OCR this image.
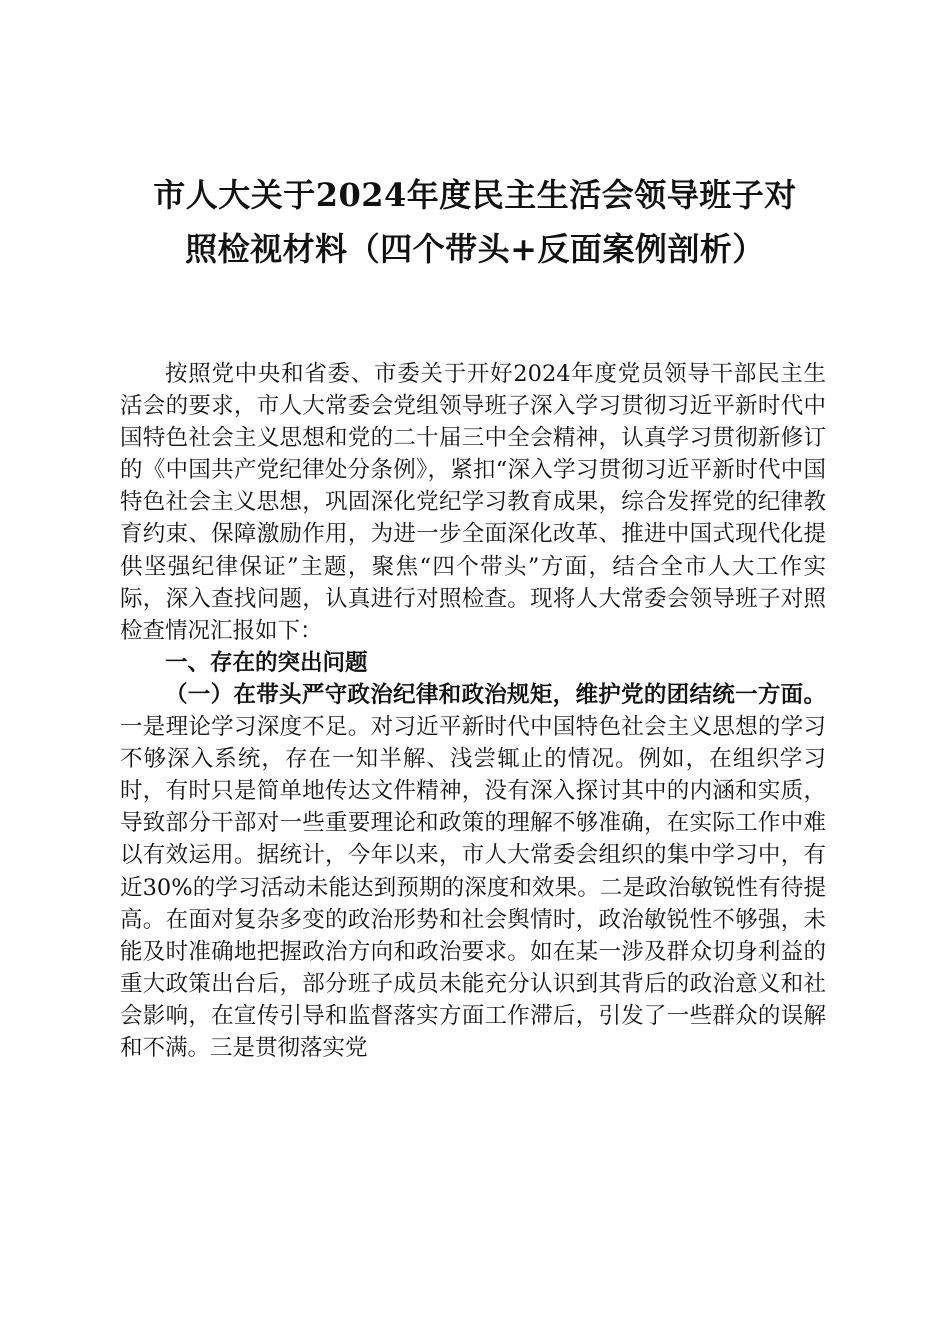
市人大关于2024年度民主生活会领导班子对
照检视材料（四个带头+反面案例剖析）

按照党中央和省委、市委关于开好2024年度党员领导干部民主生活会的要求，市人大常委会党组领导班子深入学习贯彻习近平新时代中国特色社会主义思想和党的二十届三中全会精神，认真学习贯彻新修订的《中国共产党纪律处分条例》，紧扣“深入学习贯彻习近平新时代中国特色社会主义思想，巩固深化党纪学习教育成果，综合发挥党的纪律教育约束、保障激励作用，为进一步全面深化改革、推进中国式现代化提供坚强纪律保证”主题，聚焦“四个带头”方面，结合全市人大工作实际，深入查找问题，认真进行对照检查。现将人大常委会领导班子对照检查情况汇报如下：

一、存在的突出问题

（一）在带头严守政治纪律和政治规矩，维护党的团结统一方面。一是理论学习深度不足。对习近平新时代中国特色社会主义思想的学习不够深入系统，存在一知半解、浅尝辄止的情况。例如，在组织学习时，有时只是简单地传达文件精神，没有深入探讨其中的内涵和实质，导致部分干部对一些重要理论和政策的理解不够准确，在实际工作中难以有效运用。据统计，今年以来，市人大常委会组织的集中学习中，有近30%的学习活动未能达到预期的深度和效果。二是政治敏锐性有待提高。在面对复杂多变的政治形势和社会舆情时，政治敏锐性不够强，未能及时准确地把握政治方向和政治要求。如在某一涉及群众切身利益的重大政策出台后，部分班子成员未能充分认识到其背后的政治意义和社会影响，在宣传引导和监督落实方面工作滞后，引发了一些群众的误解和不满。三是贯彻落实党
